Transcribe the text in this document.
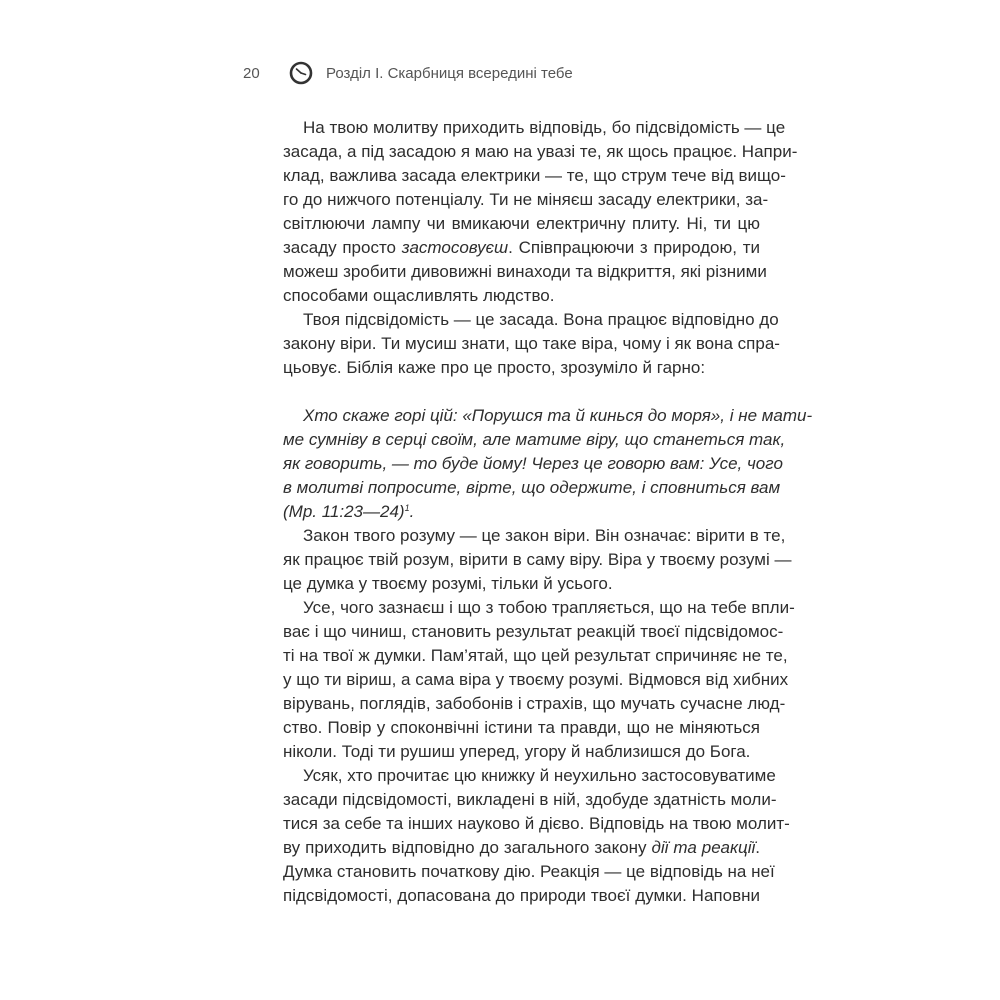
20	Розділ I. Скарбниця всередині тебе
На твою молитву приходить відповідь, бо підсвідомість — це
засада, а під засадою я маю на увазі те, як щось працює. Напри-
клад, важлива засада електрики — те, що струм тече від вищо-
го до нижчого потенціалу. Ти не міняєш засаду електрики, за-
світлюючи лампу чи вмикаючи електричну плиту. Ні, ти цю
засаду просто застосовуєш. Співпрацюючи з природою, ти
можеш зробити дивовижні винаходи та відкриття, які різними
способами ощасливлять людство.
Твоя підсвідомість — це засада. Вона працює відповідно до
закону віри. Ти мусиш знати, що таке віра, чому і як вона спра-
цьовує. Біблія каже про це просто, зрозуміло й гарно:
Хто скаже горі цій: «Порушся та й кинься до моря», і не мати-
ме сумніву в серці своїм, але матиме віру, що станеться так,
як говорить, — то буде йому! Через це говорю вам: Усе, чого
в молитві попросите, вірте, що одержите, і сповниться вам
(Мр. 11:23—24)$^1$.
Закон твого розуму — це закон віри. Він означає: вірити в те,
як працює твій розум, вірити в саму віру. Віра у твоєму розумі —
це думка у твоєму розумі, тільки й усього.
Усе, чого зазнаєш і що з тобою трапляється, що на тебе впли-
ває і що чиниш, становить результат реакцій твоєї підсвідомос-
ті на твої ж думки. Пам’ятай, що цей результат спричиняє не те,
у що ти віриш, а сама віра у твоєму розумі. Відмовся від хибних
вірувань, поглядів, забобонів і страхів, що мучать сучасне люд-
ство. Повір у споконвічні істини та правди, що не міняються
ніколи. Тоді ти рушиш уперед, угору й наблизишся до Бога.
Усяк, хто прочитає цю книжку й неухильно застосовуватиме
засади підсвідомості, викладені в ній, здобуде здатність моли-
тися за себе та інших науково й дієво. Відповідь на твою молит-
ву приходить відповідно до загального закону дії та реакції.
Думка становить початкову дію. Реакція — це відповідь на неї
підсвідомості, допасована до природи твоєї думки. Наповни
